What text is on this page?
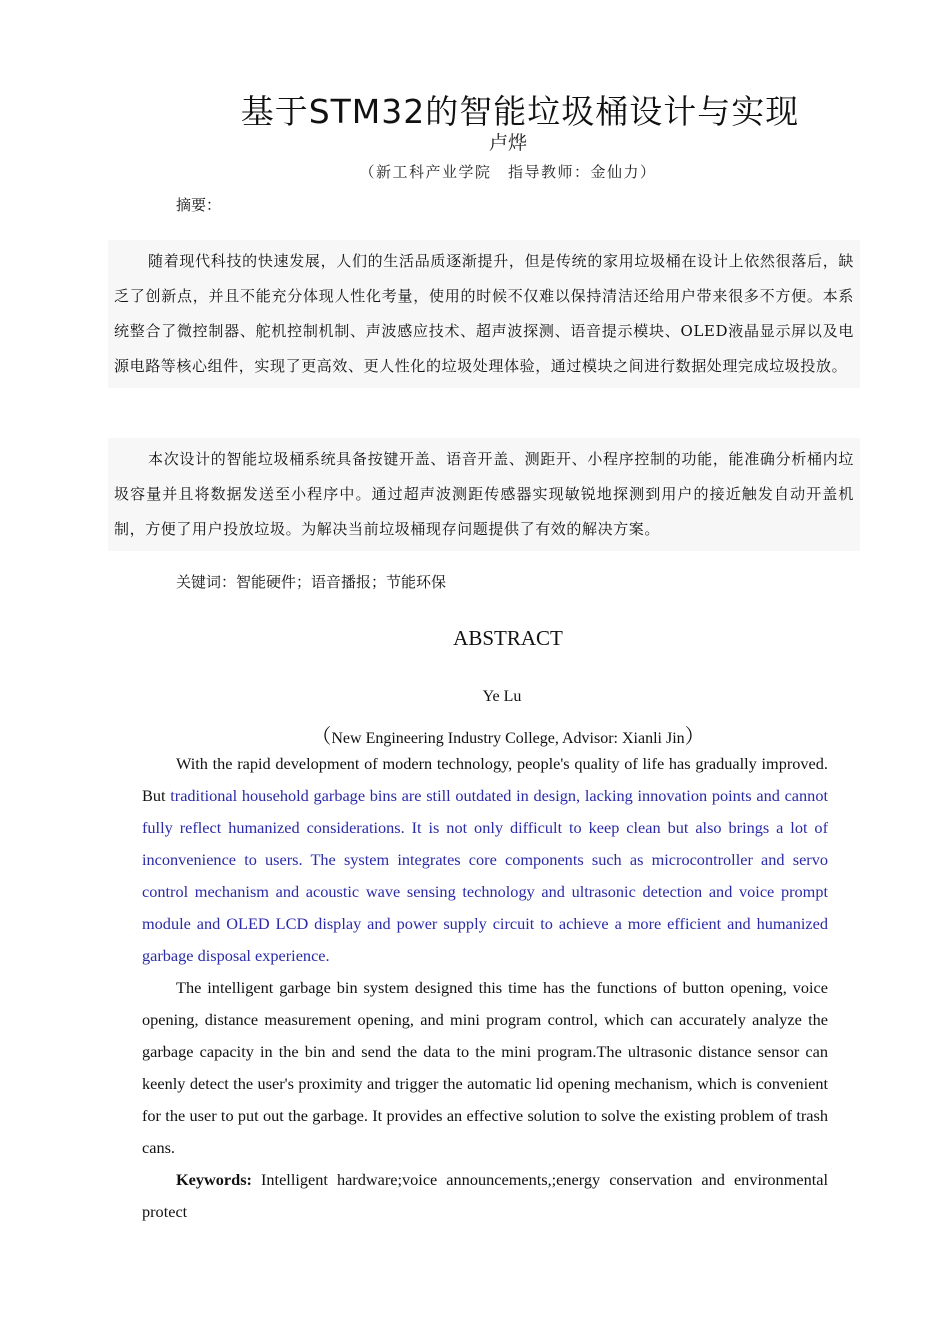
基于STM32的智能垃圾桶设计与实现
卢烨
（新工科产业学院　指导教师：金仙力）
摘要：
随着现代科技的快速发展，人们的生活品质逐渐提升，但是传统的家用垃圾桶在设计上依然很落后，缺乏了创新点，并且不能充分体现人性化考量，使用的时候不仅难以保持清洁还给用户带来很多不方便。本系统整合了微控制器、舵机控制机制、声波感应技术、超声波探测、语音提示模块、OLED液晶显示屏以及电源电路等核心组件，实现了更高效、更人性化的垃圾处理体验，通过模块之间进行数据处理完成垃圾投放。
本次设计的智能垃圾桶系统具备按键开盖、语音开盖、测距开、小程序控制的功能，能准确分析桶内垃圾容量并且将数据发送至小程序中。通过超声波测距传感器实现敏锐地探测到用户的接近触发自动开盖机制，方便了用户投放垃圾。为解决当前垃圾桶现存问题提供了有效的解决方案。
关键词：智能硬件；语音播报；节能环保
ABSTRACT
Ye Lu
（New Engineering Industry College, Advisor: Xianli Jin）

With the rapid development of modern technology, people's quality of life has gradually improved. But traditional household garbage bins are still outdated in design, lacking innovation points and cannot fully reflect humanized considerations. It is not only difficult to keep clean but also brings a lot of inconvenience to users. The system integrates core components such as microcontroller and servo control mechanism and acoustic wave sensing technology and ultrasonic detection and voice prompt module and OLED LCD display and power supply circuit to achieve a more efficient and humanized garbage disposal experience.

The intelligent garbage bin system designed this time has the functions of button opening, voice opening, distance measurement opening, and mini program control, which can accurately analyze the garbage capacity in the bin and send the data to the mini program.The ultrasonic distance sensor can keenly detect the user's proximity and trigger the automatic lid opening mechanism, which is convenient for the user to put out the garbage. It provides an effective solution to solve the existing problem of trash cans.

Keywords: Intelligent hardware;voice announcements,;energy conservation and environmental protect
